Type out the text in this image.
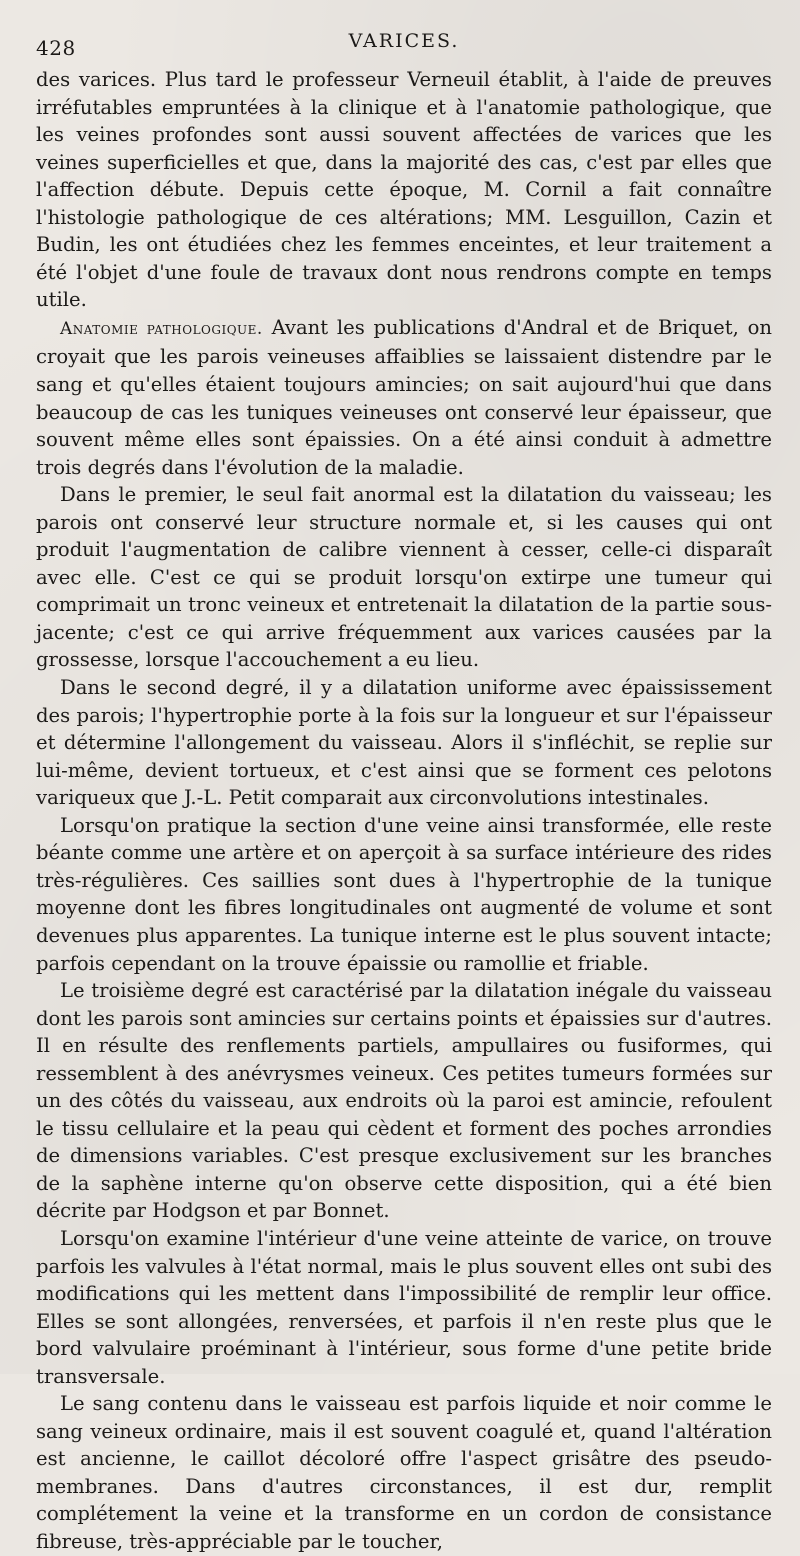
428	VARICES.

des varices. Plus tard le professeur Verneuil établit, à l'aide de preuves irréfutables empruntées à la clinique et à l'anatomie pathologique, que les veines profondes sont aussi souvent affectées de varices que les veines superficielles et que, dans la majorité des cas, c'est par elles que l'affection débute. Depuis cette époque, M. Cornil a fait connaître l'histologie pathologique de ces altérations; MM. Lesguillon, Cazin et Budin, les ont étudiées chez les femmes enceintes, et leur traitement a été l'objet d'une foule de travaux dont nous rendrons compte en temps utile.

Anatomie pathologique. Avant les publications d'Andral et de Briquet, on croyait que les parois veineuses affaiblies se laissaient distendre par le sang et qu'elles étaient toujours amincies; on sait aujourd'hui que dans beaucoup de cas les tuniques veineuses ont conservé leur épaisseur, que souvent même elles sont épaissies. On a été ainsi conduit à admettre trois degrés dans l'évolution de la maladie.

Dans le premier, le seul fait anormal est la dilatation du vaisseau; les parois ont conservé leur structure normale et, si les causes qui ont produit l'augmentation de calibre viennent à cesser, celle-ci disparaît avec elle. C'est ce qui se produit lorsqu'on extirpe une tumeur qui comprimait un tronc veineux et entretenait la dilatation de la partie sous-jacente; c'est ce qui arrive fréquemment aux varices causées par la grossesse, lorsque l'accouchement a eu lieu.

Dans le second degré, il y a dilatation uniforme avec épaississement des parois; l'hypertrophie porte à la fois sur la longueur et sur l'épaisseur et détermine l'allongement du vaisseau. Alors il s'infléchit, se replie sur lui-même, devient tortueux, et c'est ainsi que se forment ces pelotons variqueux que J.-L. Petit comparait aux circonvolutions intestinales.

Lorsqu'on pratique la section d'une veine ainsi transformée, elle reste béante comme une artère et on aperçoit à sa surface intérieure des rides très-régulières. Ces saillies sont dues à l'hypertrophie de la tunique moyenne dont les fibres longitudinales ont augmenté de volume et sont devenues plus apparentes. La tunique interne est le plus souvent intacte; parfois cependant on la trouve épaissie ou ramollie et friable.

Le troisième degré est caractérisé par la dilatation inégale du vaisseau dont les parois sont amincies sur certains points et épaissies sur d'autres. Il en résulte des renflements partiels, ampullaires ou fusiformes, qui ressemblent à des anévrysmes veineux. Ces petites tumeurs formées sur un des côtés du vaisseau, aux endroits où la paroi est amincie, refoulent le tissu cellulaire et la peau qui cèdent et forment des poches arrondies de dimensions variables. C'est presque exclusivement sur les branches de la saphène interne qu'on observe cette disposition, qui a été bien décrite par Hodgson et par Bonnet.

Lorsqu'on examine l'intérieur d'une veine atteinte de varice, on trouve parfois les valvules à l'état normal, mais le plus souvent elles ont subi des modifications qui les mettent dans l'impossibilité de remplir leur office. Elles se sont allongées, renversées, et parfois il n'en reste plus que le bord valvulaire proéminant à l'intérieur, sous forme d'une petite bride transversale.

Le sang contenu dans le vaisseau est parfois liquide et noir comme le sang veineux ordinaire, mais il est souvent coagulé et, quand l'altération est ancienne, le caillot décoloré offre l'aspect grisâtre des pseudo-membranes. Dans d'autres circonstances, il est dur, remplit complétement la veine et la transforme en un cordon de consistance fibreuse, très-appréciable par le toucher,
